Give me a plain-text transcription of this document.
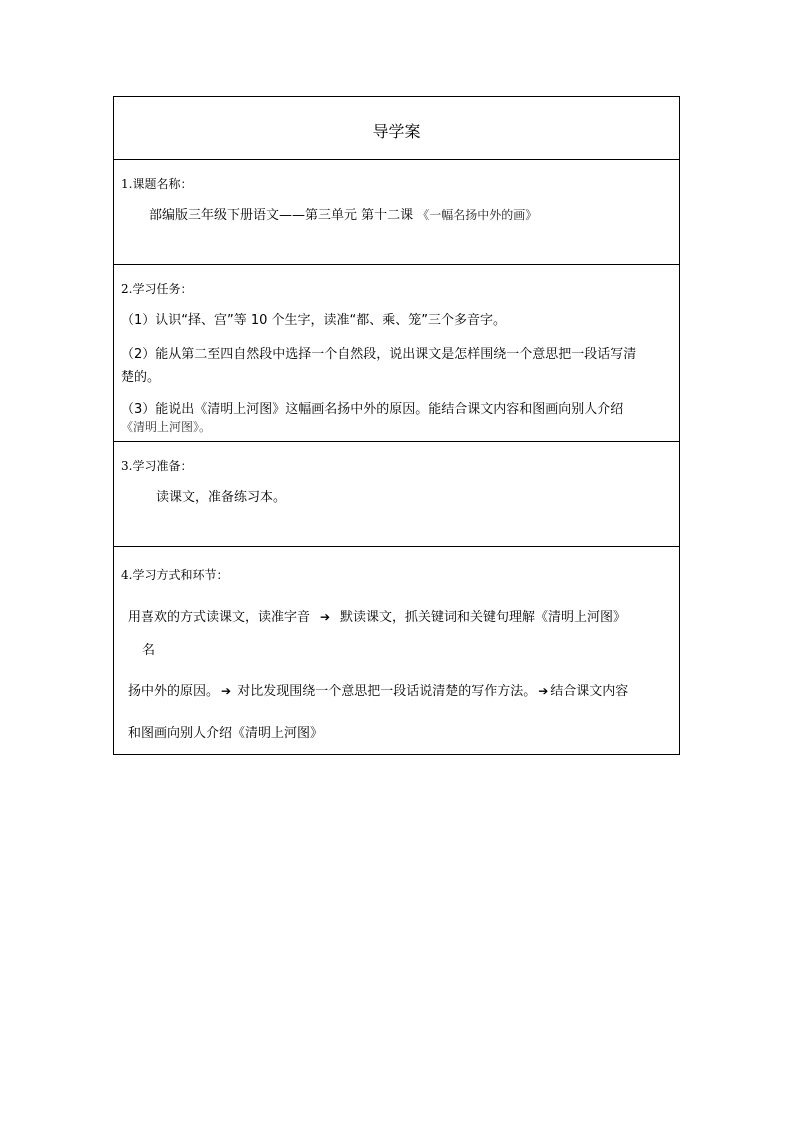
导学案
1.课题名称：
部编版三年级下册语文——第三单元 第十二课 《一幅名扬中外的画》
2.学习任务：
（1）认识“择、宫”等 10 个生字，读准“都、乘、笼”三个多音字。
（2）能从第二至四自然段中选择一个自然段，说出课文是怎样围绕一个意思把一段话写清
楚的。
（3）能说出《清明上河图》这幅画名扬中外的原因。能结合课文内容和图画向别人介绍
《清明上河图》。
3.学习准备：
读课文，准备练习本。
4.学习方式和环节：
用喜欢的方式读课文，读准字音  ➔  默读课文，抓关键词和关键句理解《清明上河图》
名
扬中外的原因。 ➔ 对比发现围绕一个意思把一段话说清楚的写作方法。 ➔ 结合课文内容
和图画向别人介绍《清明上河图》
